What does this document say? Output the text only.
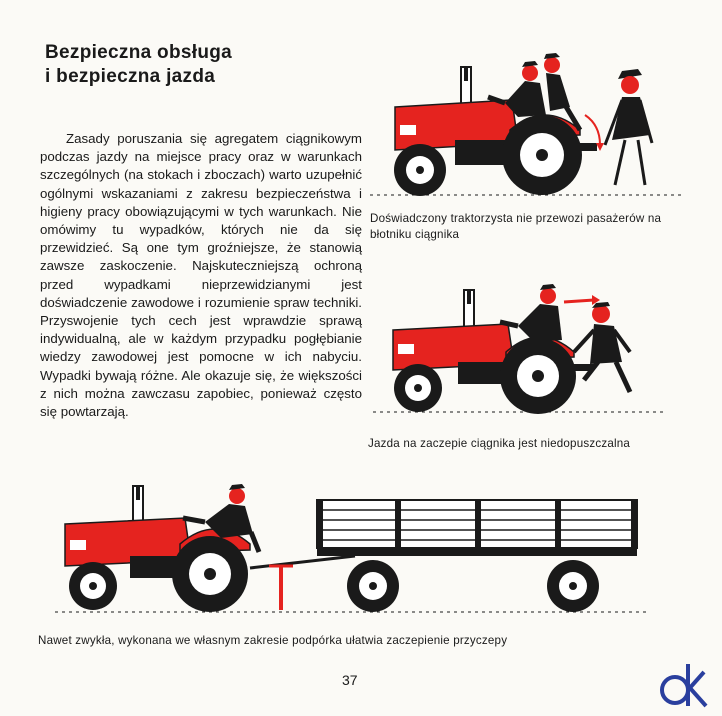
Bezpieczna obsługa
i bezpieczna jazda

Zasady poruszania się agregatem ciągnikowym podczas jazdy na miejsce pracy oraz w warunkach szczególnych (na stokach i zboczach) warto uzupełnić ogólnymi wskazaniami z zakresu bezpieczeństwa i higieny pracy obowiązującymi w tych warunkach. Nie omówimy tu wypadków, których nie da się przewidzieć. Są one tym groźniejsze, że stanowią zawsze zaskoczenie. Najskuteczniejszą ochroną przed wypadkami nieprzewidzianymi jest doświadczenie zawodowe i rozumienie spraw techniki. Przyswojenie tych cech jest wprawdzie sprawą indywidualną, ale w każdym przypadku pogłębianie wiedzy zawodowej jest pomocne w ich nabyciu. Wypadki bywają różne. Ale okazuje się, że większości z nich można zawczasu zapobiec, ponieważ często się powtarzają.

Doświadczony traktorzysta nie przewozi pasażerów na błotniku ciągnika
Jazda na zaczepie ciągnika jest niedopuszczalna
Nawet zwykła, wykonana we własnym zakresie podpórka ułatwia zaczepienie przyczepy
37
